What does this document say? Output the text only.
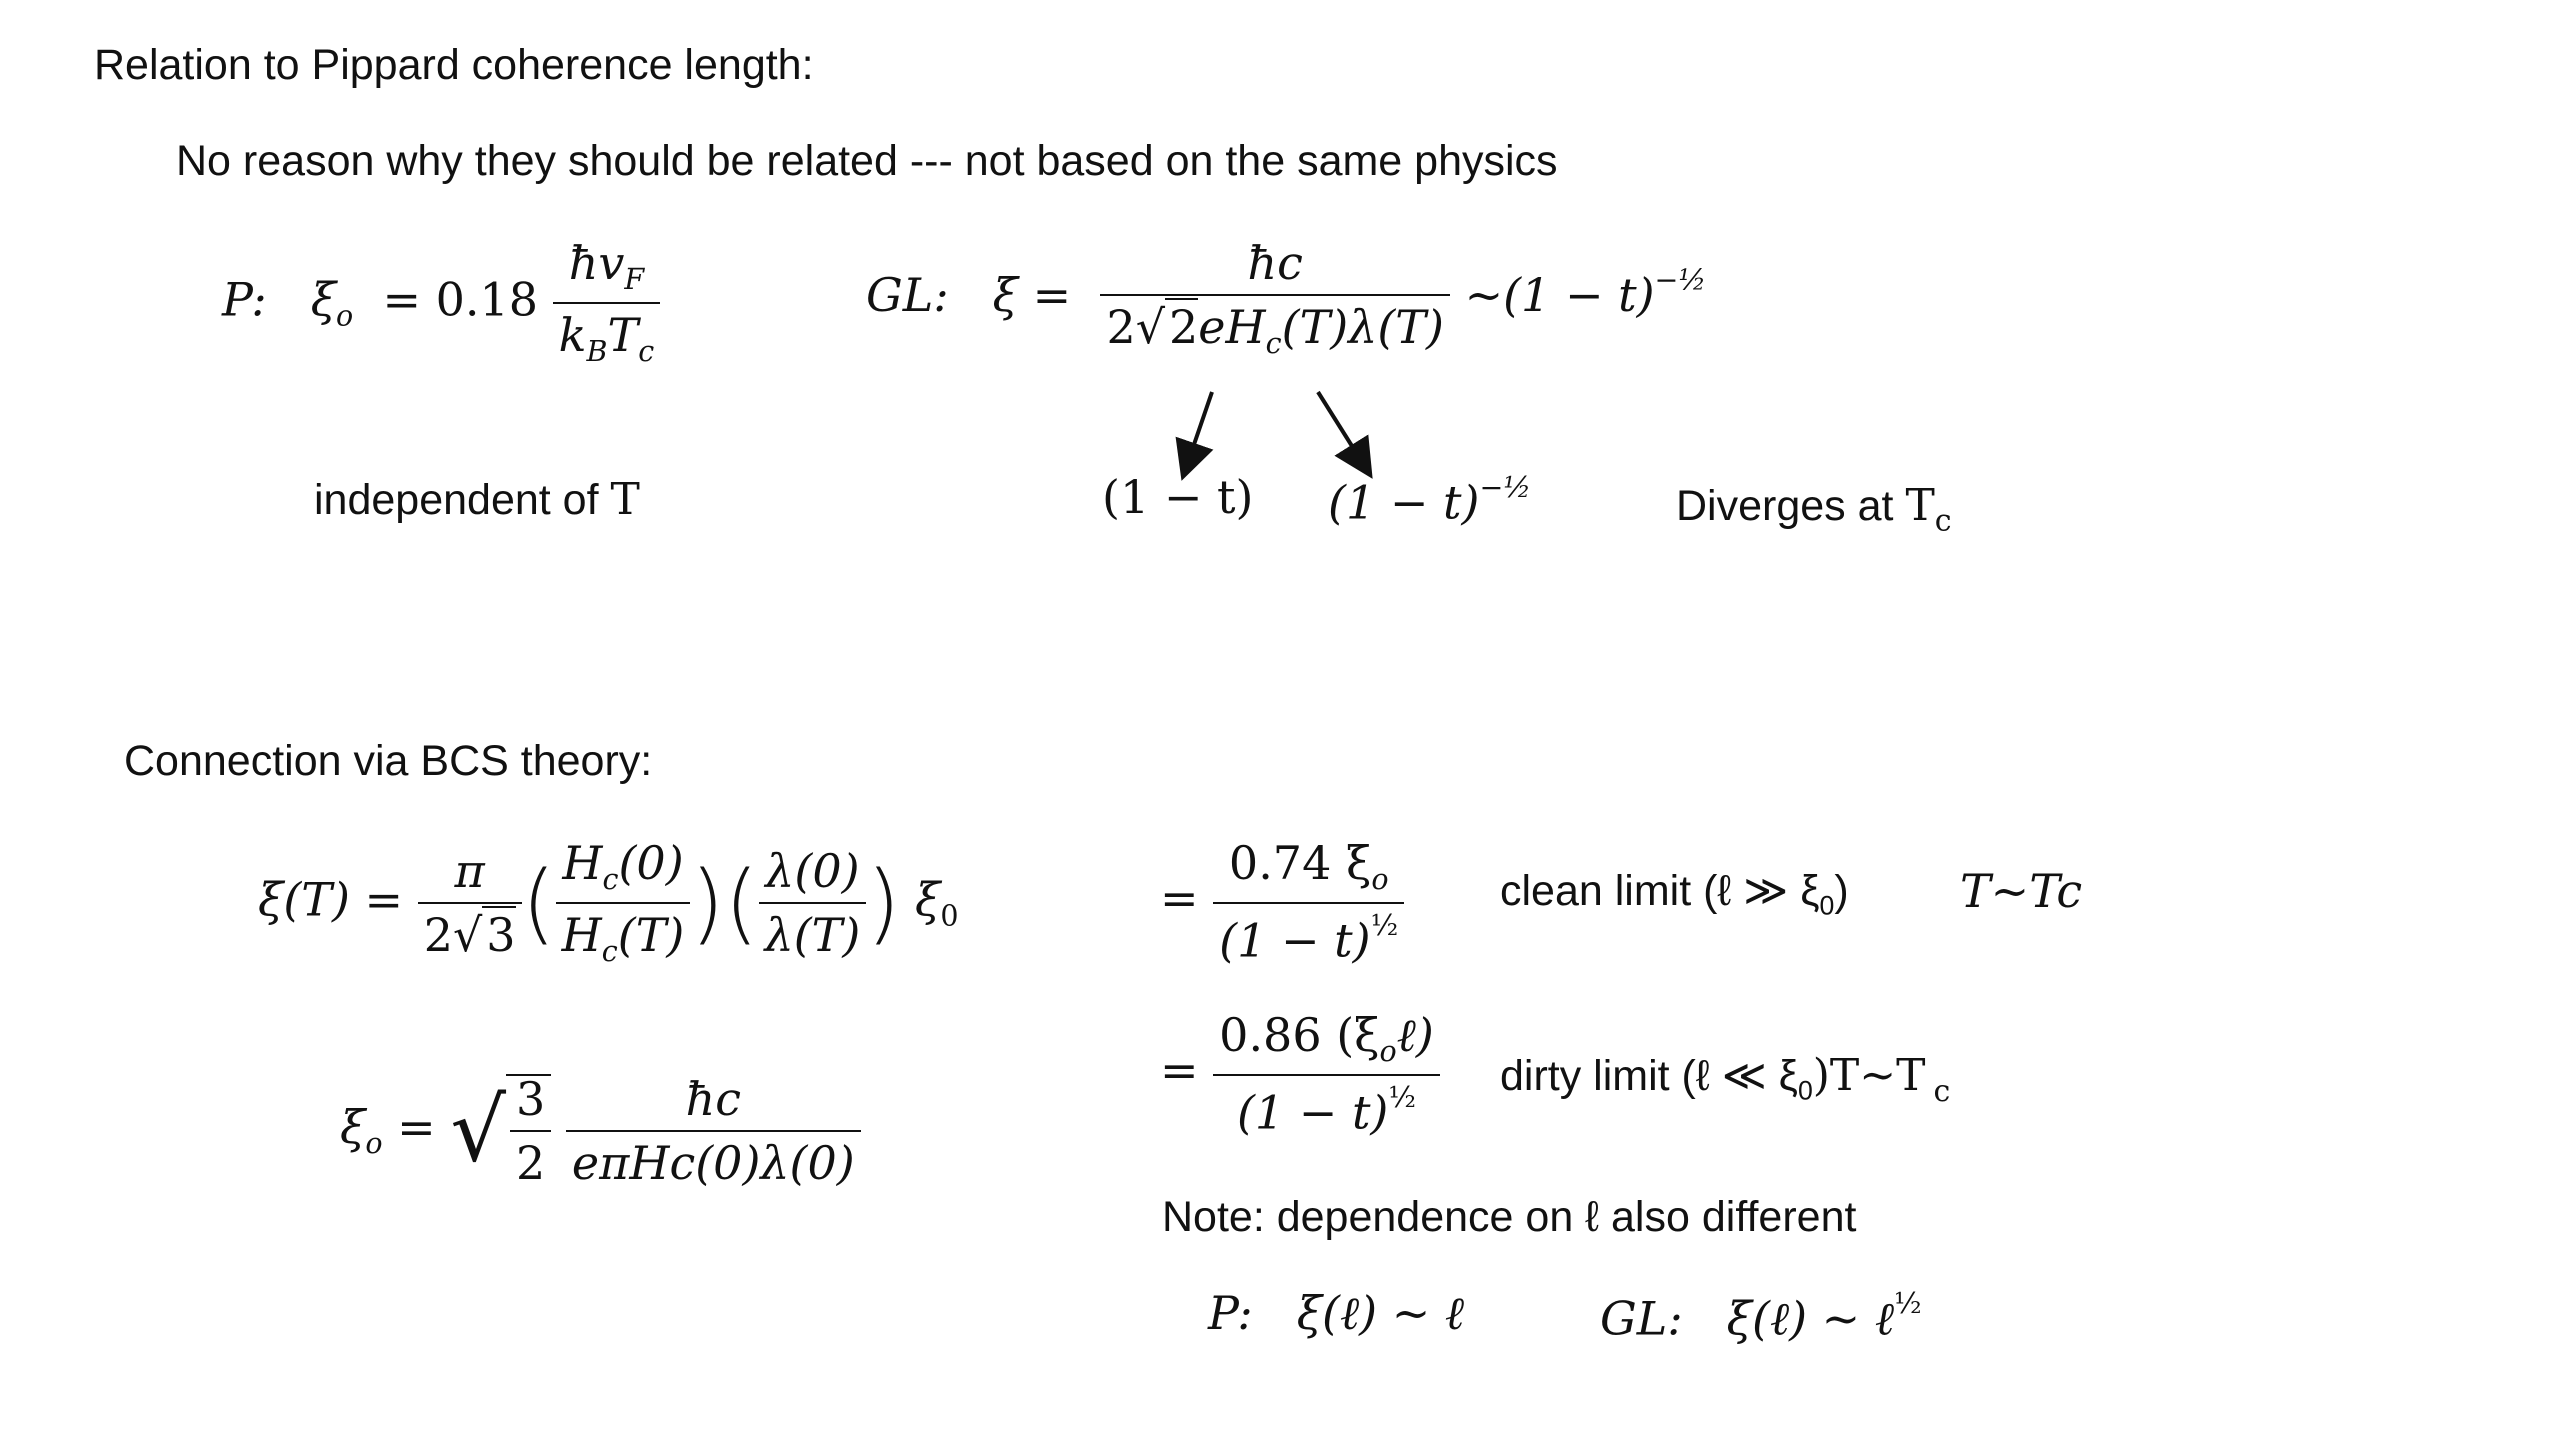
Relation to Pippard coherence length:
No reason why they should be related --- not based on the same physics
P: $\xi_o = 0.18 \frac{ħv_F}{k_BT_c}$
independent of T
GL: $\xi = \frac{ħc}{2√2eH_c(T)\lambda(T)}$ ~(1 − t)$^{-\frac{1}{2}}$
(1 − t) $(1 - t)^{-\frac{1}{2}}$	Diverges at $T_c$
Connection via BCS theory:
$\xi(T) = \frac{\pi}{2√3}$ ( $\frac{H_c(0)}{H_c(T)}$ )( $\frac{\lambda(0)}{\lambda(T)}$ ) $\xi_0$
$\xi_o$ = √ $\frac{3}{2}$
$\frac{ħc}{\text{eπHc(0)λ(0)}}$
= $\frac{0.74 \xi_o}{(1 - t)^{\frac{1}{2}}}$ clean limit (ℓ ≫ $\xi_0$) T~Tc
= $\frac{0.86 (\xi_o\ell)}{(1 - t)^{\frac{1}{2}}}$ dirty limit (ℓ ≪ $\xi_0)T\sim T$ $_c$
Note: dependence on ℓ also different
P: ξ(ℓ) ~ ℓ	GL: ξ(ℓ) ~ ℓ$^{\frac{1}{2}}$
